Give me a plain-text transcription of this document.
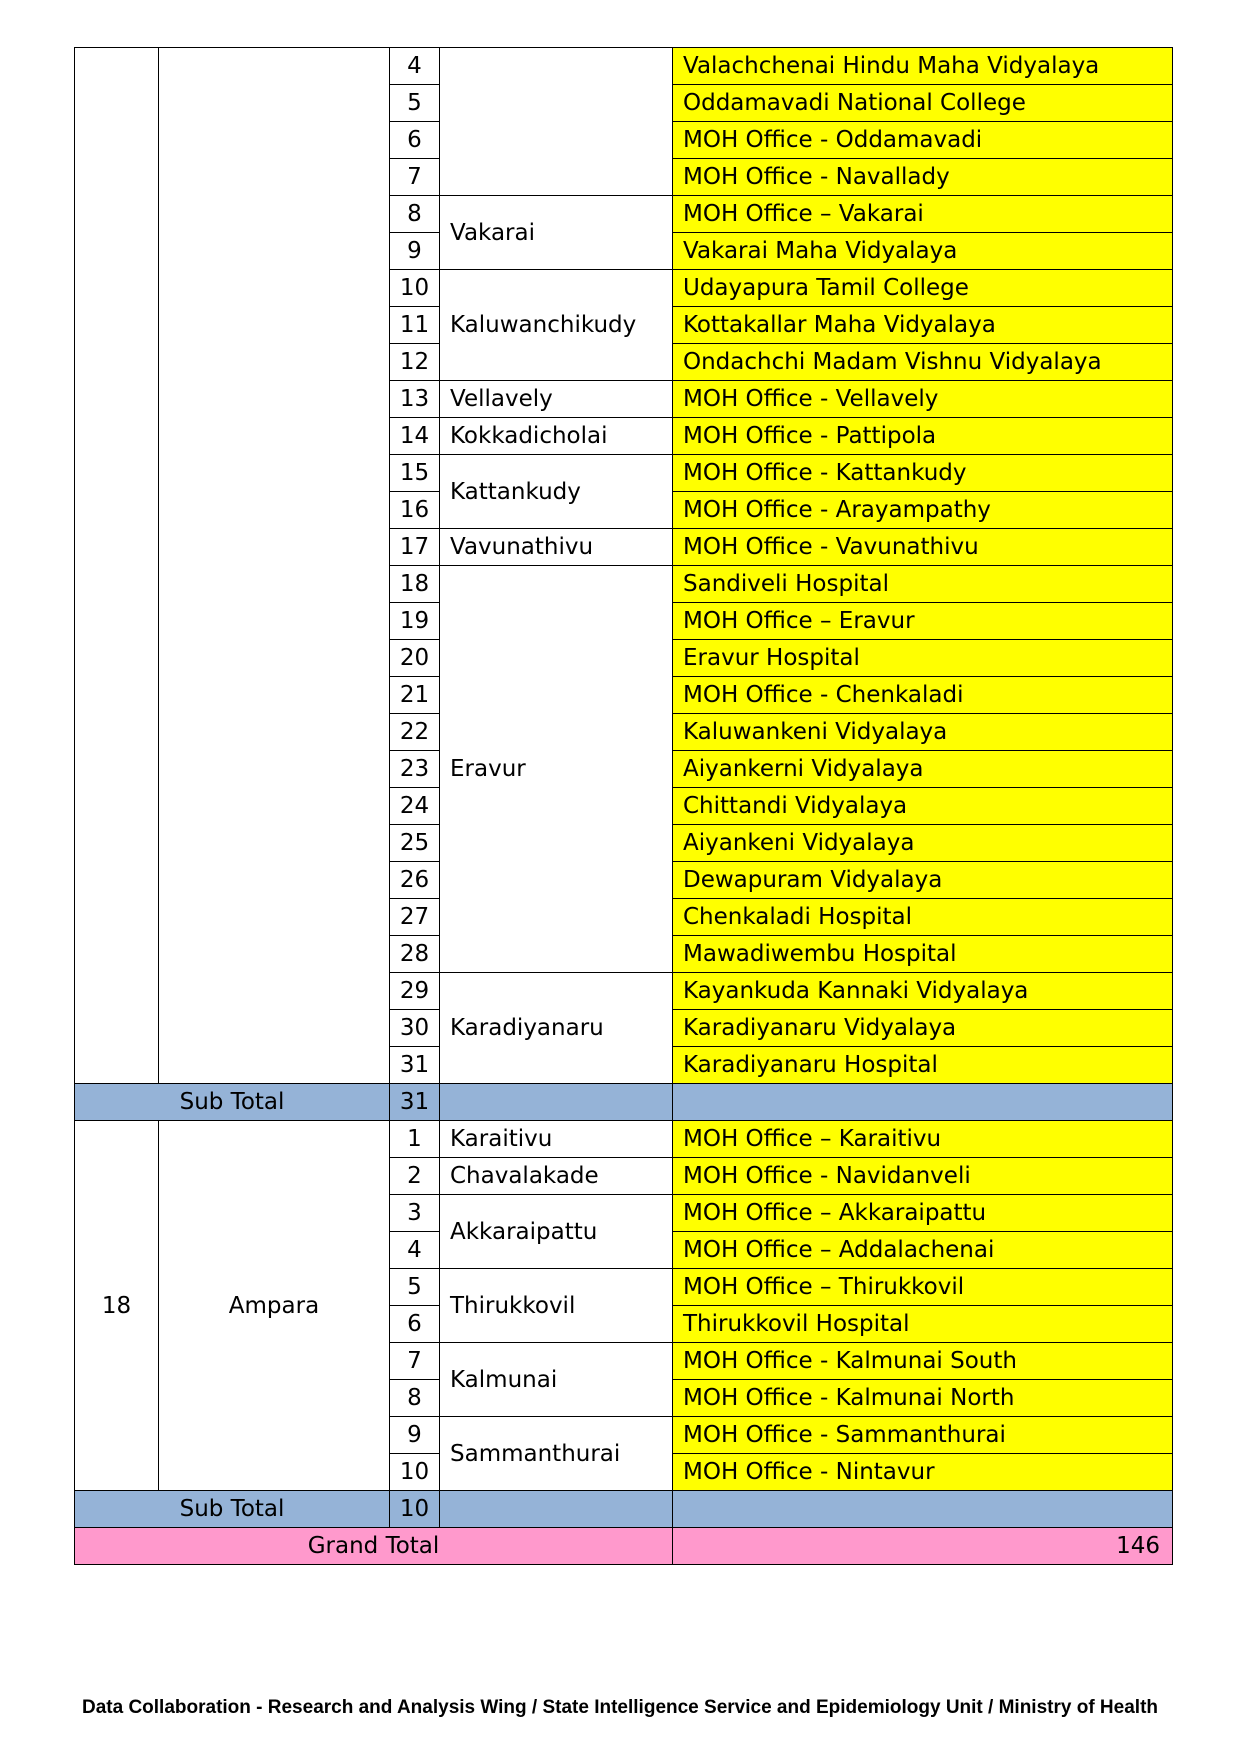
		4		Valachchenai Hindu Maha Vidyalaya
		5		Oddamavadi National College
		6		MOH Office - Oddamavadi
		7		MOH Office - Navallady
		8	Vakarai	MOH Office – Vakarai
		9		Vakarai Maha Vidyalaya
		10	Kaluwanchikudy	Udayapura Tamil College
		11		Kottakallar Maha Vidyalaya
		12		Ondachchi Madam Vishnu Vidyalaya
		13	Vellavely	MOH Office - Vellavely
		14	Kokkadicholai	MOH Office - Pattipola
		15	Kattankudy	MOH Office - Kattankudy
		16		MOH Office - Arayampathy
		17	Vavunathivu	MOH Office - Vavunathivu
		18	Eravur	Sandiveli Hospital
		19		MOH Office – Eravur
		20		Eravur Hospital
		21		MOH Office - Chenkaladi
		22		Kaluwankeni Vidyalaya
		23		Aiyankerni Vidyalaya
		24		Chittandi Vidyalaya
		25		Aiyankeni Vidyalaya
		26		Dewapuram Vidyalaya
		27		Chenkaladi Hospital
		28		Mawadiwembu Hospital
		29	Karadiyanaru	Kayankuda Kannaki Vidyalaya
		30		Karadiyanaru Vidyalaya
		31		Karadiyanaru Hospital
Sub Total		31		
18	Ampara	1	Karaitivu	MOH Office – Karaitivu
		2	Chavalakade	MOH Office - Navidanveli
		3	Akkaraipattu	MOH Office – Akkaraipattu
		4		MOH Office – Addalachenai
		5	Thirukkovil	MOH Office – Thirukkovil
		6		Thirukkovil Hospital
		7	Kalmunai	MOH Office - Kalmunai South
		8		MOH Office - Kalmunai North
		9	Sammanthurai	MOH Office - Sammanthurai
		10		MOH Office - Nintavur
Sub Total		10		
Grand Total				146
Data Collaboration - Research and Analysis Wing / State Intelligence Service and Epidemiology Unit / Ministry of Health
